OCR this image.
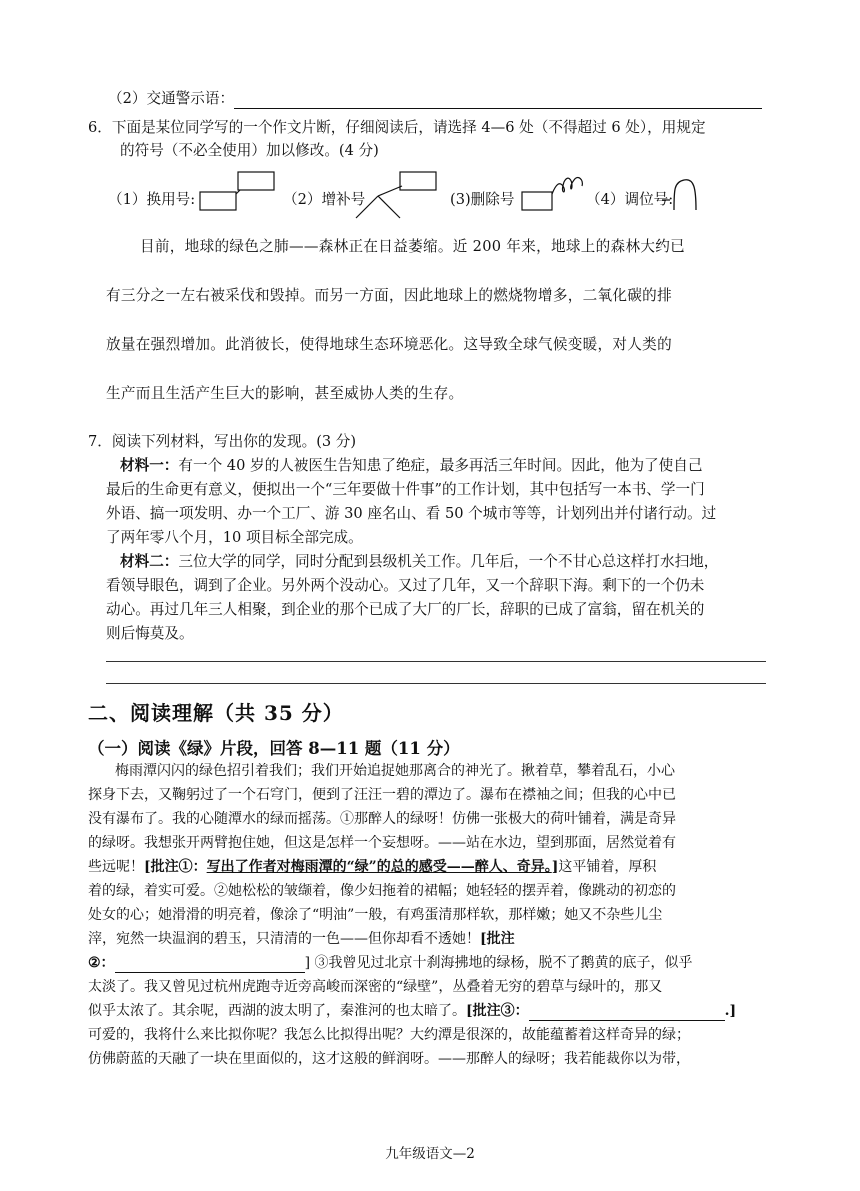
（2）交通警示语：
6．下面是某位同学写的一个作文片断，仔细阅读后，请选择 4—6 处（不得超过 6 处），用规定
的符号（不必全使用）加以修改。(4 分)
（1）换用号:	（2）增补号	(3)删除号	（4）调位号:
目前，地球的绿色之肺——森林正在日益萎缩。近 200 年来，地球上的森林大约已
有三分之一左右被采伐和毁掉。而另一方面，因此地球上的燃烧物增多，二氧化碳的排
放量在强烈增加。此消彼长，使得地球生态环境恶化。这导致全球气候变暖，对人类的
生产而且生活产生巨大的影响，甚至威协人类的生存。
7．阅读下列材料，写出你的发现。(3 分)
材料一：有一个 40 岁的人被医生告知患了绝症，最多再活三年时间。因此，他为了使自己
最后的生命更有意义，便拟出一个“三年要做十件事”的工作计划，其中包括写一本书、学一门
外语、搞一项发明、办一个工厂、游 30 座名山、看 50 个城市等等，计划列出并付诸行动。过
了两年零八个月，10 项目标全部完成。
材料二：三位大学的同学，同时分配到县级机关工作。几年后，一个不甘心总这样打水扫地，
看领导眼色，调到了企业。另外两个没动心。又过了几年，又一个辞职下海。剩下的一个仍未
动心。再过几年三人相聚，到企业的那个已成了大厂的厂长，辞职的已成了富翁，留在机关的
则后悔莫及。
二、阅读理解（共 35 分）
（一）阅读《绿》片段，回答 8—11 题（11 分）
梅雨潭闪闪的绿色招引着我们；我们开始追捉她那离合的神光了。揪着草，攀着乱石，小心
探身下去，又鞠躬过了一个石穹门，便到了汪汪一碧的潭边了。瀑布在襟袖之间；但我的心中已
没有瀑布了。我的心随潭水的绿而摇荡。①那醉人的绿呀！仿佛一张极大的荷叶铺着，满是奇异
的绿呀。我想张开两臂抱住她，但这是怎样一个妄想呀。——站在水边，望到那面，居然觉着有
些远呢！[批注①：写出了作者对梅雨潭的“绿”的总的感受——醉人、奇异。]这平铺着，厚积
着的绿，着实可爱。②她松松的皱缬着，像少妇拖着的裙幅；她轻轻的摆弄着，像跳动的初恋的
处女的心；她滑滑的明亮着，像涂了“明油”一般，有鸡蛋清那样软，那样嫩；她又不杂些儿尘
滓，宛然一块温润的碧玉，只清清的一色——但你却看不透她！[批注
②：	] ③我曾见过北京十刹海拂地的绿杨，脱不了鹅黄的底子，似乎
太淡了。我又曾见过杭州虎跑寺近旁高峻而深密的“绿壁”，丛叠着无穷的碧草与绿叶的，那又
似乎太浓了。其余呢，西湖的波太明了，秦淮河的也太暗了。[批注③：	.]
可爱的，我将什么来比拟你呢？我怎么比拟得出呢？大约潭是很深的，故能蕴蓄着这样奇异的绿；
仿佛蔚蓝的天融了一块在里面似的，这才这般的鲜润呀。——那醉人的绿呀；我若能裁你以为带，
九年级语文—2
